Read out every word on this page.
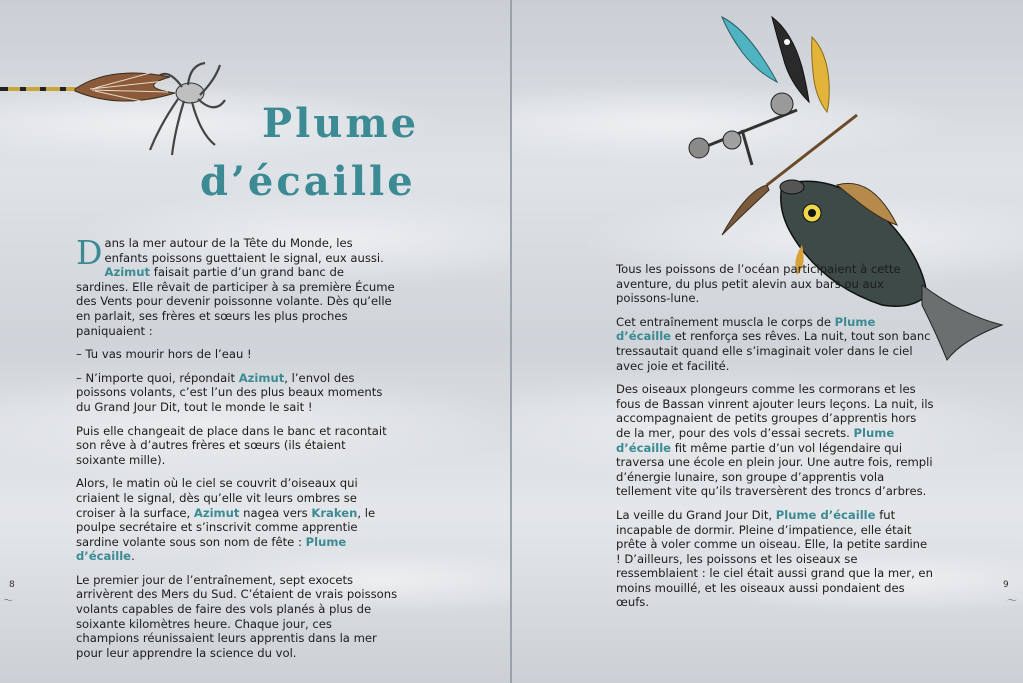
Plume
d’écaille

Dans la mer autour de la Tête du Monde, les enfants poissons guettaient le signal, eux aussi. Azimut faisait partie d’un grand banc de sardines. Elle rêvait de participer à sa première Écume des Vents pour devenir poissonne volante. Dès qu’elle en parlait, ses frères et sœurs les plus proches paniquaient :

– Tu vas mourir hors de l’eau !

– N’importe quoi, répondait Azimut, l’envol des poissons volants, c’est l’un des plus beaux moments du Grand Jour Dit, tout le monde le sait !

Puis elle changeait de place dans le banc et racontait son rêve à d’autres frères et sœurs (ils étaient soixante mille).

Alors, le matin où le ciel se couvrit d’oiseaux qui criaient le signal, dès qu’elle vit leurs ombres se croiser à la surface, Azimut nagea vers Kraken, le poulpe secrétaire et s’inscrivit comme apprentie sardine volante sous son nom de fête : Plume d’écaille.

Le premier jour de l’entraînement, sept exocets arrivèrent des Mers du Sud. C’étaient de vrais poissons volants capables de faire des vols planés à plus de soixante kilomètres heure. Chaque jour, ces champions réunissaient leurs apprentis dans la mer pour leur apprendre la science du vol.

8
〜

Tous les poissons de l’océan participaient à cette aventure, du plus petit alevin aux bars ou aux poissons-lune.

Cet entraînement muscla le corps de Plume d’écaille et renforça ses rêves. La nuit, tout son banc tressautait quand elle s’imaginait voler dans le ciel avec joie et facilité.

Des oiseaux plongeurs comme les cormorans et les fous de Bassan vinrent ajouter leurs leçons. La nuit, ils accompagnaient de petits groupes d’apprentis hors de la mer, pour des vols d’essai secrets. Plume d’écaille fit même partie d’un vol légendaire qui traversa une école en plein jour. Une autre fois, rempli d’énergie lunaire, son groupe d’apprentis vola tellement vite qu’ils traversèrent des troncs d’arbres.

La veille du Grand Jour Dit, Plume d’écaille fut incapable de dormir. Pleine d’impatience, elle était prête à voler comme un oiseau. Elle, la petite sardine ! D’ailleurs, les poissons et les oiseaux se ressemblaient : le ciel était aussi grand que la mer, en moins mouillé, et les oiseaux aussi pondaient des œufs.

9
〜
